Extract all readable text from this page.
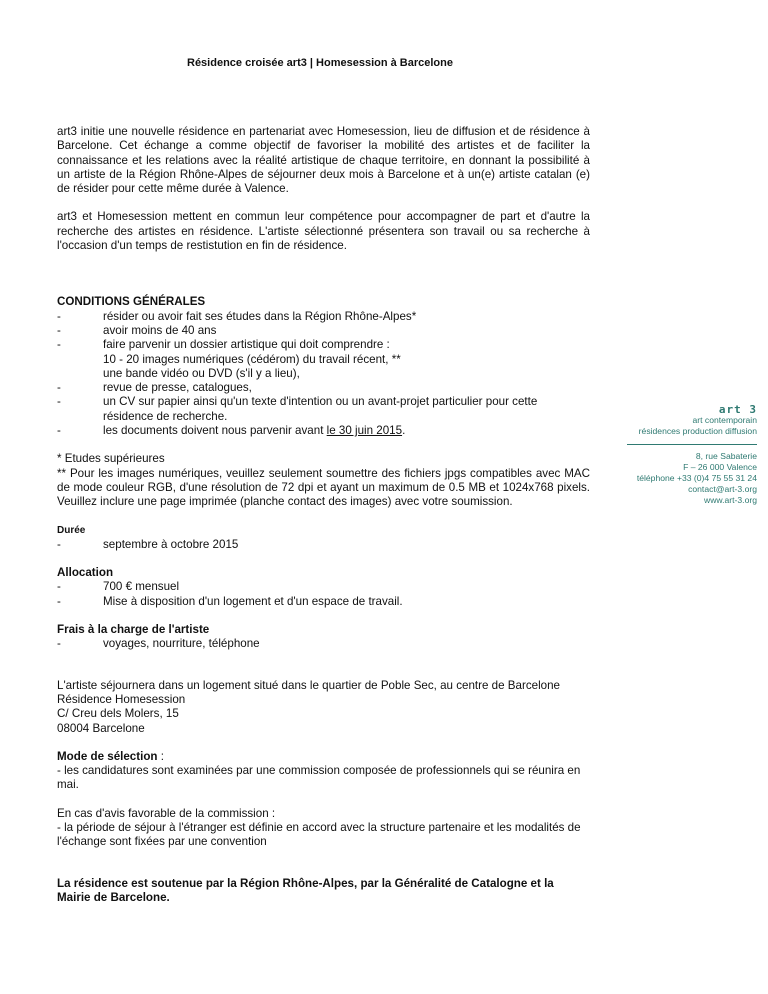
Résidence croisée art3 | Homesession à Barcelone

art3 initie une nouvelle résidence en partenariat avec Homesession, lieu de diffusion et de résidence à Barcelone. Cet échange a comme objectif de favoriser la mobilité des artistes et de faciliter la connaissance et les relations avec la réalité artistique de chaque territoire, en donnant la possibilité à un artiste de la Région Rhône-Alpes de séjourner deux mois à Barcelone et à un(e) artiste catalan (e) de résider pour cette même durée à Valence.

art3 et Homesession mettent en commun leur compétence pour accompagner de part et d'autre la recherche des artistes en résidence. L'artiste sélectionné présentera son travail ou sa recherche à l'occasion d'un temps de restistution en fin de résidence.

CONDITIONS GÉNÉRALES

-	résider ou avoir fait ses études dans la Région Rhône-Alpes*
-	avoir moins de 40 ans
-	faire parvenir un dossier artistique qui doit comprendre :
10 - 20 images numériques (cédérom) du travail récent, **
une bande vidéo ou DVD (s'il y a lieu),
-	revue de presse, catalogues,
-	un CV sur papier ainsi qu'un texte d'intention ou un avant-projet particulier pour cette résidence de recherche.
-	les documents doivent nous parvenir avant le 30 juin 2015.

* Etudes supérieures

** Pour les images numériques, veuillez seulement soumettre des fichiers jpgs compatibles avec MAC de mode couleur RGB, d'une résolution de 72 dpi et ayant un maximum de 0.5 MB et 1024x768 pixels. Veuillez inclure une page imprimée (planche contact des images) avec votre soumission.

Durée

-	septembre à octobre 2015

Allocation

-	700 € mensuel
-	Mise à disposition d'un logement et d'un espace de travail.

Frais à la charge de l'artiste

-	voyages, nourriture, téléphone

L'artiste séjournera dans un logement situé dans le quartier de Poble Sec, au centre de Barcelone

Résidence Homesession

C/ Creu dels Molers, 15

08004 Barcelone

Mode de sélection :

- les candidatures sont examinées par une commission composée de professionnels qui se réunira en mai.

En cas d'avis favorable de la commission :

- la période de séjour à l'étranger est définie en accord avec la structure partenaire et les modalités de l'échange sont fixées par une convention

La résidence est soutenue par la Région Rhône-Alpes, par la Généralité de Catalogne et la Mairie de Barcelone.

art 3
art contemporain
résidences production diffusion
8, rue Sabaterie
F – 26 000 Valence
téléphone +33 (0)4 75 55 31 24
contact@art-3.org
www.art-3.org
